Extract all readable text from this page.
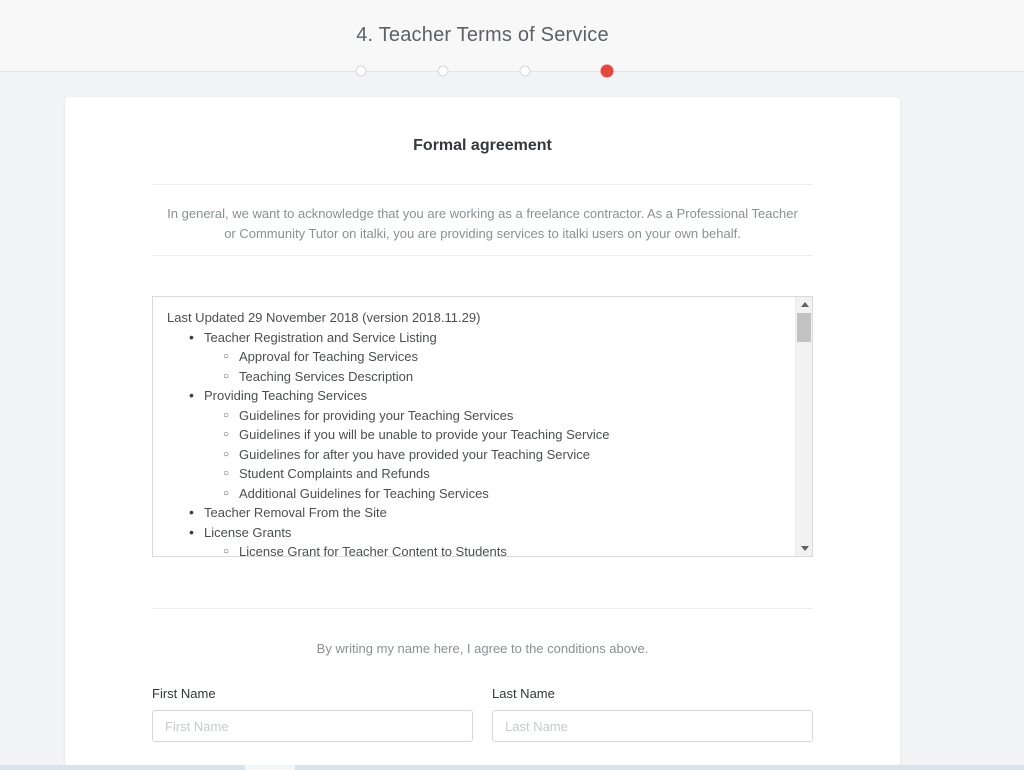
4. Teacher Terms of Service
Formal agreement

In general, we want to acknowledge that you are working as a freelance contractor. As a Professional Teacher or Community Tutor on italki, you are providing services to italki users on your own behalf.

Last Updated 29 November 2018 (version 2018.11.29)

• Teacher Registration and Service Listing
○ Approval for Teaching Services
○ Teaching Services Description
• Providing Teaching Services
○ Guidelines for providing your Teaching Services
○ Guidelines if you will be unable to provide your Teaching Service
○ Guidelines for after you have provided your Teaching Service
○ Student Complaints and Refunds
○ Additional Guidelines for Teaching Services
• Teacher Removal From the Site
• License Grants
○ License Grant for Teacher Content to Students

By writing my name here, I agree to the conditions above.

First Name
First Name	Last Name
Last Name
